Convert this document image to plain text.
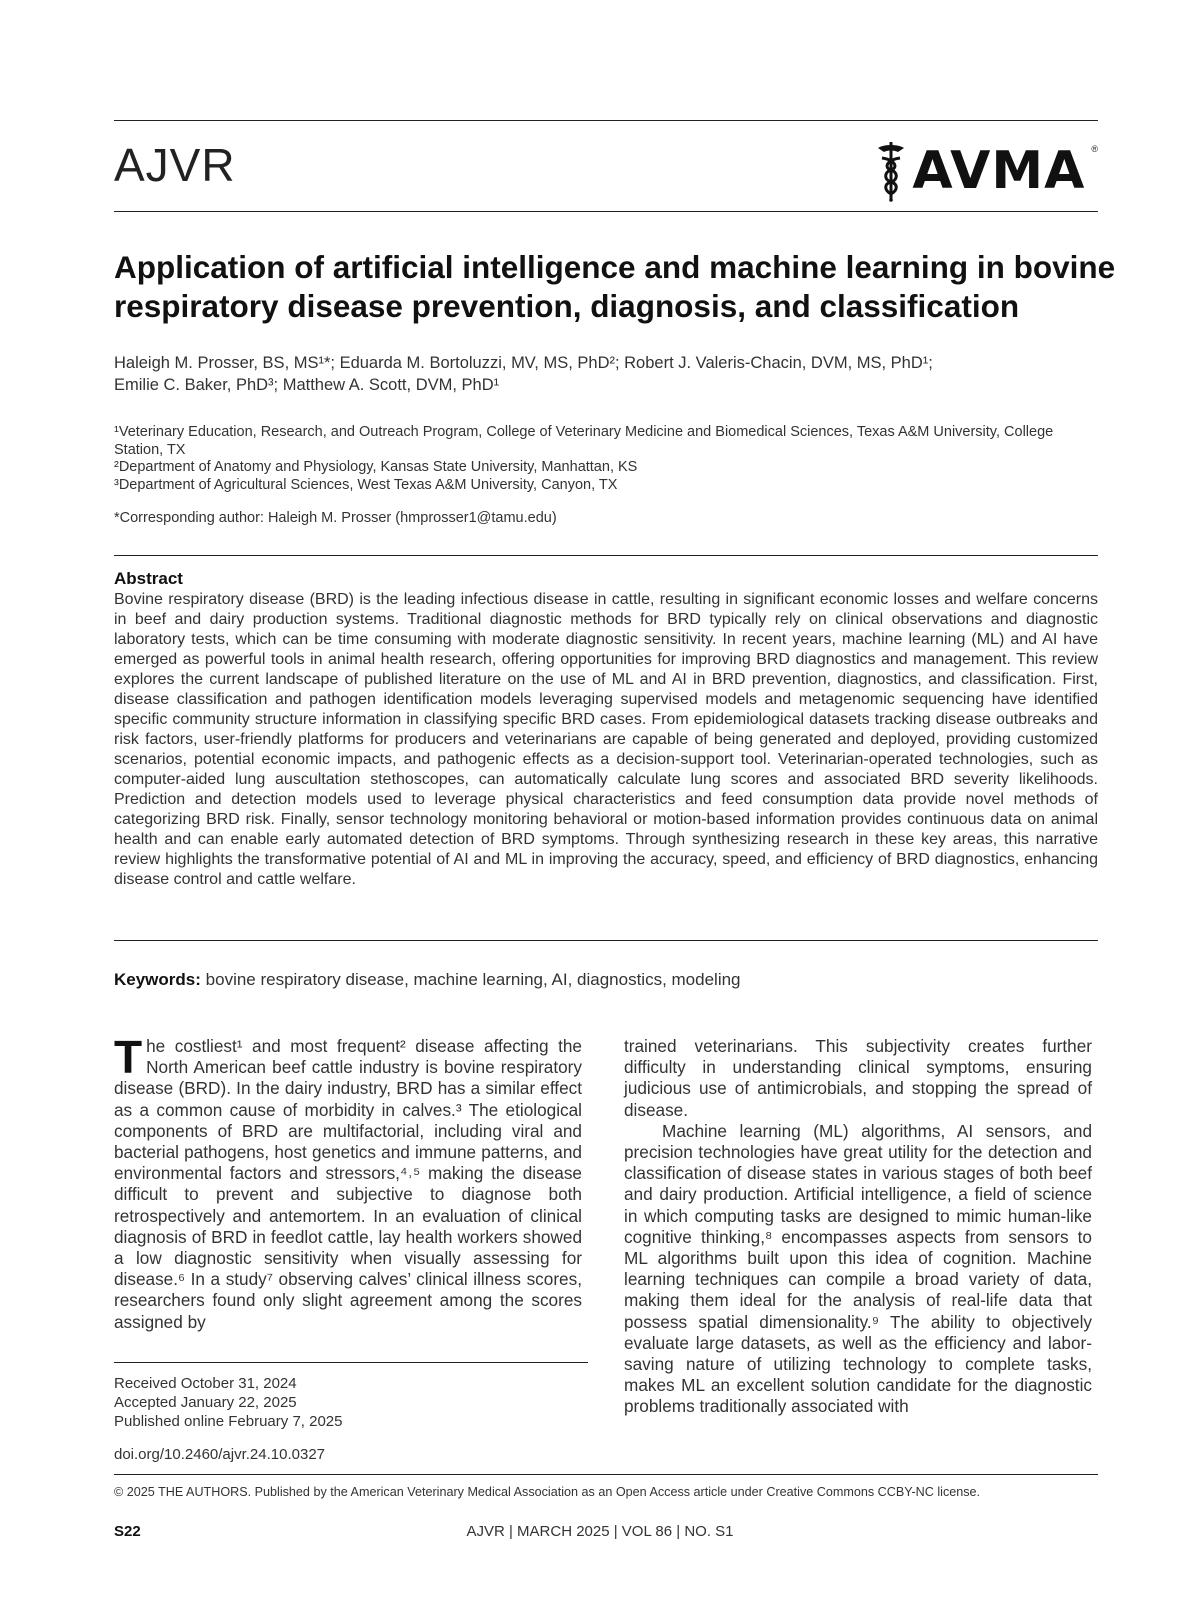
AJVR	AVMA ®
Application of artificial intelligence and machine learning in bovine
respiratory disease prevention, diagnosis, and classification
Haleigh M. Prosser, BS, MS¹*; Eduarda M. Bortoluzzi, MV, MS, PhD²; Robert J. Valeris-Chacin, DVM, MS, PhD¹;
Emilie C. Baker, PhD³; Matthew A. Scott, DVM, PhD¹
¹Veterinary Education, Research, and Outreach Program, College of Veterinary Medicine and Biomedical Sciences, Texas A&M University, College Station, TX
²Department of Anatomy and Physiology, Kansas State University, Manhattan, KS
³Department of Agricultural Sciences, West Texas A&M University, Canyon, TX
*Corresponding author: Haleigh M. Prosser (hmprosser1@tamu.edu)
Abstract
Bovine respiratory disease (BRD) is the leading infectious disease in cattle, resulting in significant economic losses and welfare concerns in beef and dairy production systems. Traditional diagnostic methods for BRD typically rely on clinical observations and diagnostic laboratory tests, which can be time consuming with moderate diagnostic sensitivity. In recent years, machine learning (ML) and AI have emerged as powerful tools in animal health research, offering opportunities for improving BRD diagnostics and management. This review explores the current landscape of published literature on the use of ML and AI in BRD prevention, diagnostics, and classification. First, disease classification and pathogen identification models leveraging supervised models and metagenomic sequencing have identified specific community structure information in classifying specific BRD cases. From epidemiological datasets tracking disease outbreaks and risk factors, user-friendly platforms for producers and veterinarians are capable of being generated and deployed, providing customized scenarios, potential economic impacts, and pathogenic effects as a decision-support tool. Veterinarian-operated technologies, such as computer-aided lung auscultation stethoscopes, can automatically calculate lung scores and associated BRD severity likelihoods. Prediction and detection models used to leverage physical characteristics and feed consumption data provide novel methods of categorizing BRD risk. Finally, sensor technology monitoring behavioral or motion-based information provides continuous data on animal health and can enable early automated detection of BRD symptoms. Through synthesizing research in these key areas, this narrative review highlights the transformative potential of AI and ML in improving the accuracy, speed, and efficiency of BRD diagnostics, enhancing disease control and cattle welfare.
Keywords: bovine respiratory disease, machine learning, AI, diagnostics, modeling

The costliest¹ and most frequent² disease affecting the North American beef cattle industry is bovine respiratory disease (BRD). In the dairy industry, BRD has a similar effect as a common cause of morbidity in calves.³ The etiological components of BRD are multifactorial, including viral and bacterial pathogens, host genetics and immune patterns, and environmental factors and stressors,⁴˒⁵ making the disease difficult to prevent and subjective to diagnose both retrospectively and antemortem. In an evaluation of clinical diagnosis of BRD in feedlot cattle, lay health workers showed a low diagnostic sensitivity when visually assessing for disease.⁶ In a study⁷ observing calves’ clinical illness scores, researchers found only slight agreement among the scores assigned by

trained veterinarians. This subjectivity creates further difficulty in understanding clinical symptoms, ensuring judicious use of antimicrobials, and stopping the spread of disease.

Machine learning (ML) algorithms, AI sensors, and precision technologies have great utility for the detection and classification of disease states in various stages of both beef and dairy production. Artificial intelligence, a field of science in which computing tasks are designed to mimic human-like cognitive thinking,⁸ encompasses aspects from sensors to ML algorithms built upon this idea of cognition. Machine learning techniques can compile a broad variety of data, making them ideal for the analysis of real-life data that possess spatial dimensionality.⁹ The ability to objectively evaluate large datasets, as well as the efficiency and labor-saving nature of utilizing technology to complete tasks, makes ML an excellent solution candidate for the diagnostic problems traditionally associated with

Received October 31, 2024
Accepted January 22, 2025
Published online February 7, 2025
doi.org/10.2460/ajvr.24.10.0327
© 2025 THE AUTHORS. Published by the American Veterinary Medical Association as an Open Access article under Creative Commons CCBY-NC license.
S22	AJVR | MARCH 2025 | VOL 86 | NO. S1
